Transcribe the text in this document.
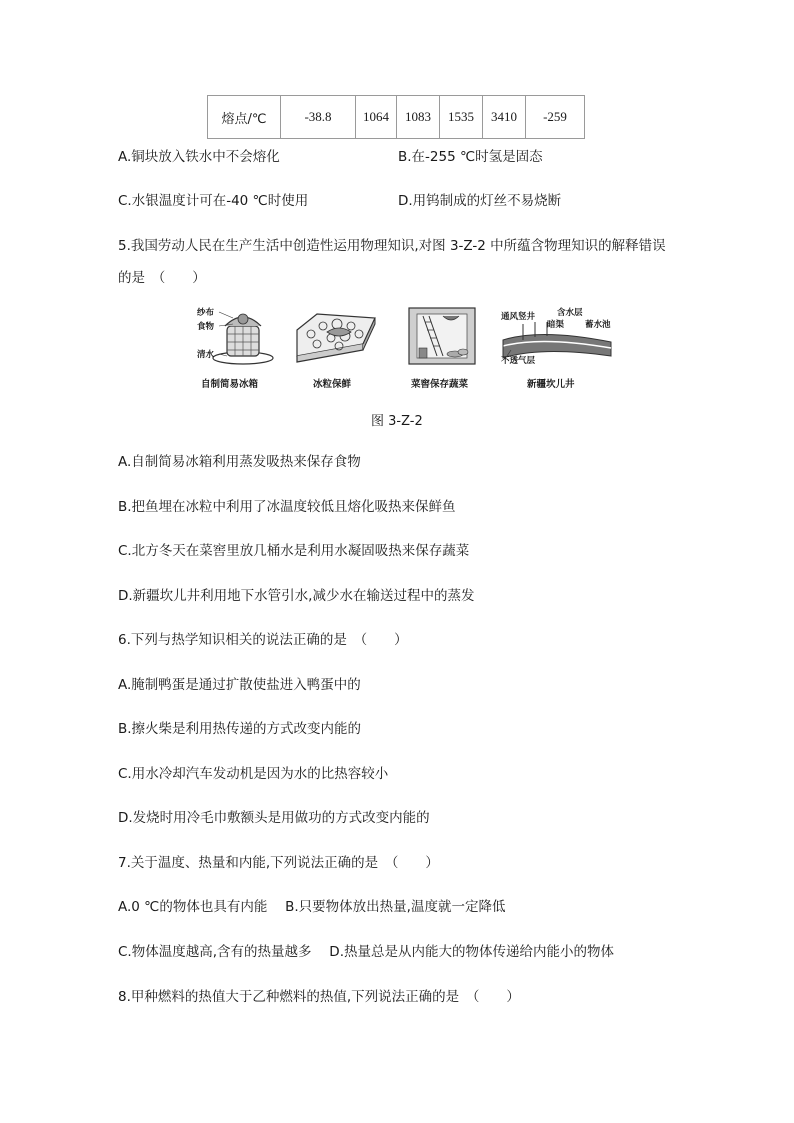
熔点/℃	-38.8	1064	1083	1535	3410	-259
A.铜块放入铁水中不会熔化	B.在-255 ℃时氢是固态
C.水银温度计可在-40 ℃时使用	D.用钨制成的灯丝不易烧断
5.我国劳动人民在生产生活中创造性运用物理知识,对图 3-Z-2 中所蕴含物理知识的解释错误
的是　（　　）
纱布
食物
清水
自制简易冰箱	冰粒保鲜	菜窖保存蔬菜
通风竖井	含水层
暗渠 蓄水池
不透气层
新疆坎儿井
图 3-Z-2
A.自制简易冰箱利用蒸发吸热来保存食物
B.把鱼埋在冰粒中利用了冰温度较低且熔化吸热来保鲜鱼
C.北方冬天在菜窖里放几桶水是利用水凝固吸热来保存蔬菜
D.新疆坎儿井利用地下水管引水,减少水在输送过程中的蒸发
6.下列与热学知识相关的说法正确的是　（　　）
A.腌制鸭蛋是通过扩散使盐进入鸭蛋中的
B.擦火柴是利用热传递的方式改变内能的
C.用水冷却汽车发动机是因为水的比热容较小
D.发烧时用冷毛巾敷额头是用做功的方式改变内能的
7.关于温度、热量和内能,下列说法正确的是　（　　）
A.0 ℃的物体也具有内能　 B.只要物体放出热量,温度就一定降低
C.物体温度越高,含有的热量越多　 D.热量总是从内能大的物体传递给内能小的物体
8.甲种燃料的热值大于乙种燃料的热值,下列说法正确的是　（　　）
